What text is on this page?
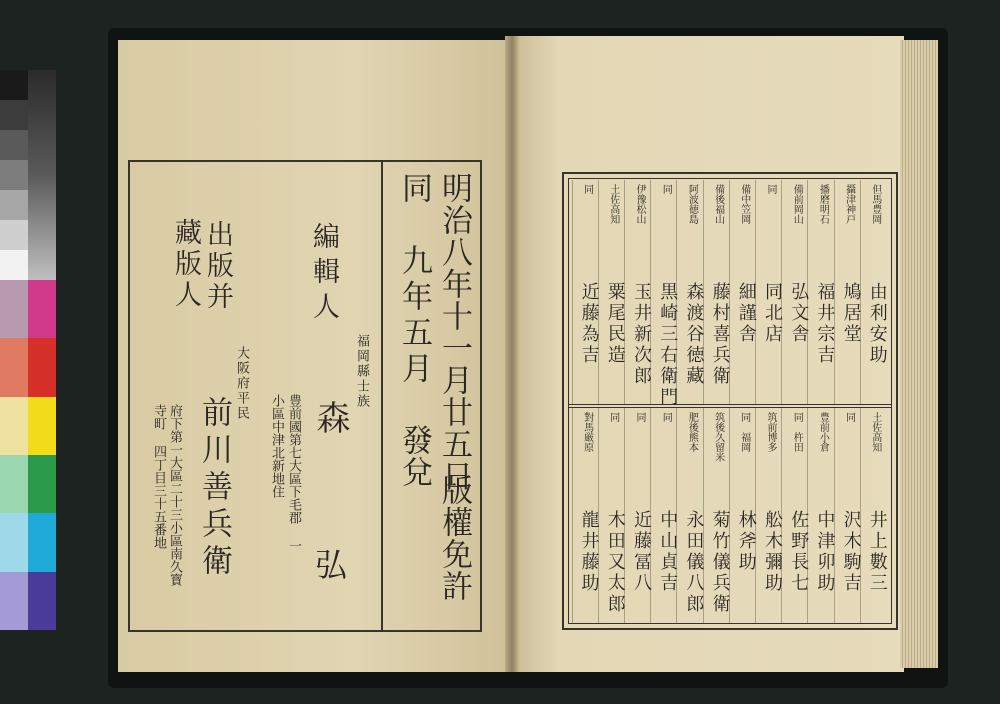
明治八年十一月廿五日
版權免許
同　九年五月
發兌
編輯人
福岡縣士族
豊前國第七大區下毛郡 一小區中津北新地住 森
弘
出版并
藏版人
大阪府平民
府下第一大區二十三小區南久寳寺町 四丁目三十五番地 前川善兵衛
但馬豊岡
由利安助
攝津神戸
鳩居堂
播磨明石
福井宗吉
備前岡山
弘文舎
同
同北店
備中笠岡
細謹舎
備後福山
藤村喜兵衛
阿波徳島
森渡谷徳藏
同
黒崎三右衛門
伊豫松山
玉井新次郎
土佐高知
粟尾民造
同
近藤為吉
土佐高知
井上數三
同
沢木駒吉
豊前小倉
中津卯助
同　杵田
佐野長七
筑前博多
舩木彌助
同　福岡
林斧助
筑後久留米
菊竹儀兵衛
肥後熊本
永田儀八郎
同
中山貞吉
同
近藤冨八
同
木田又太郎
對馬厳原
龍井藤助
